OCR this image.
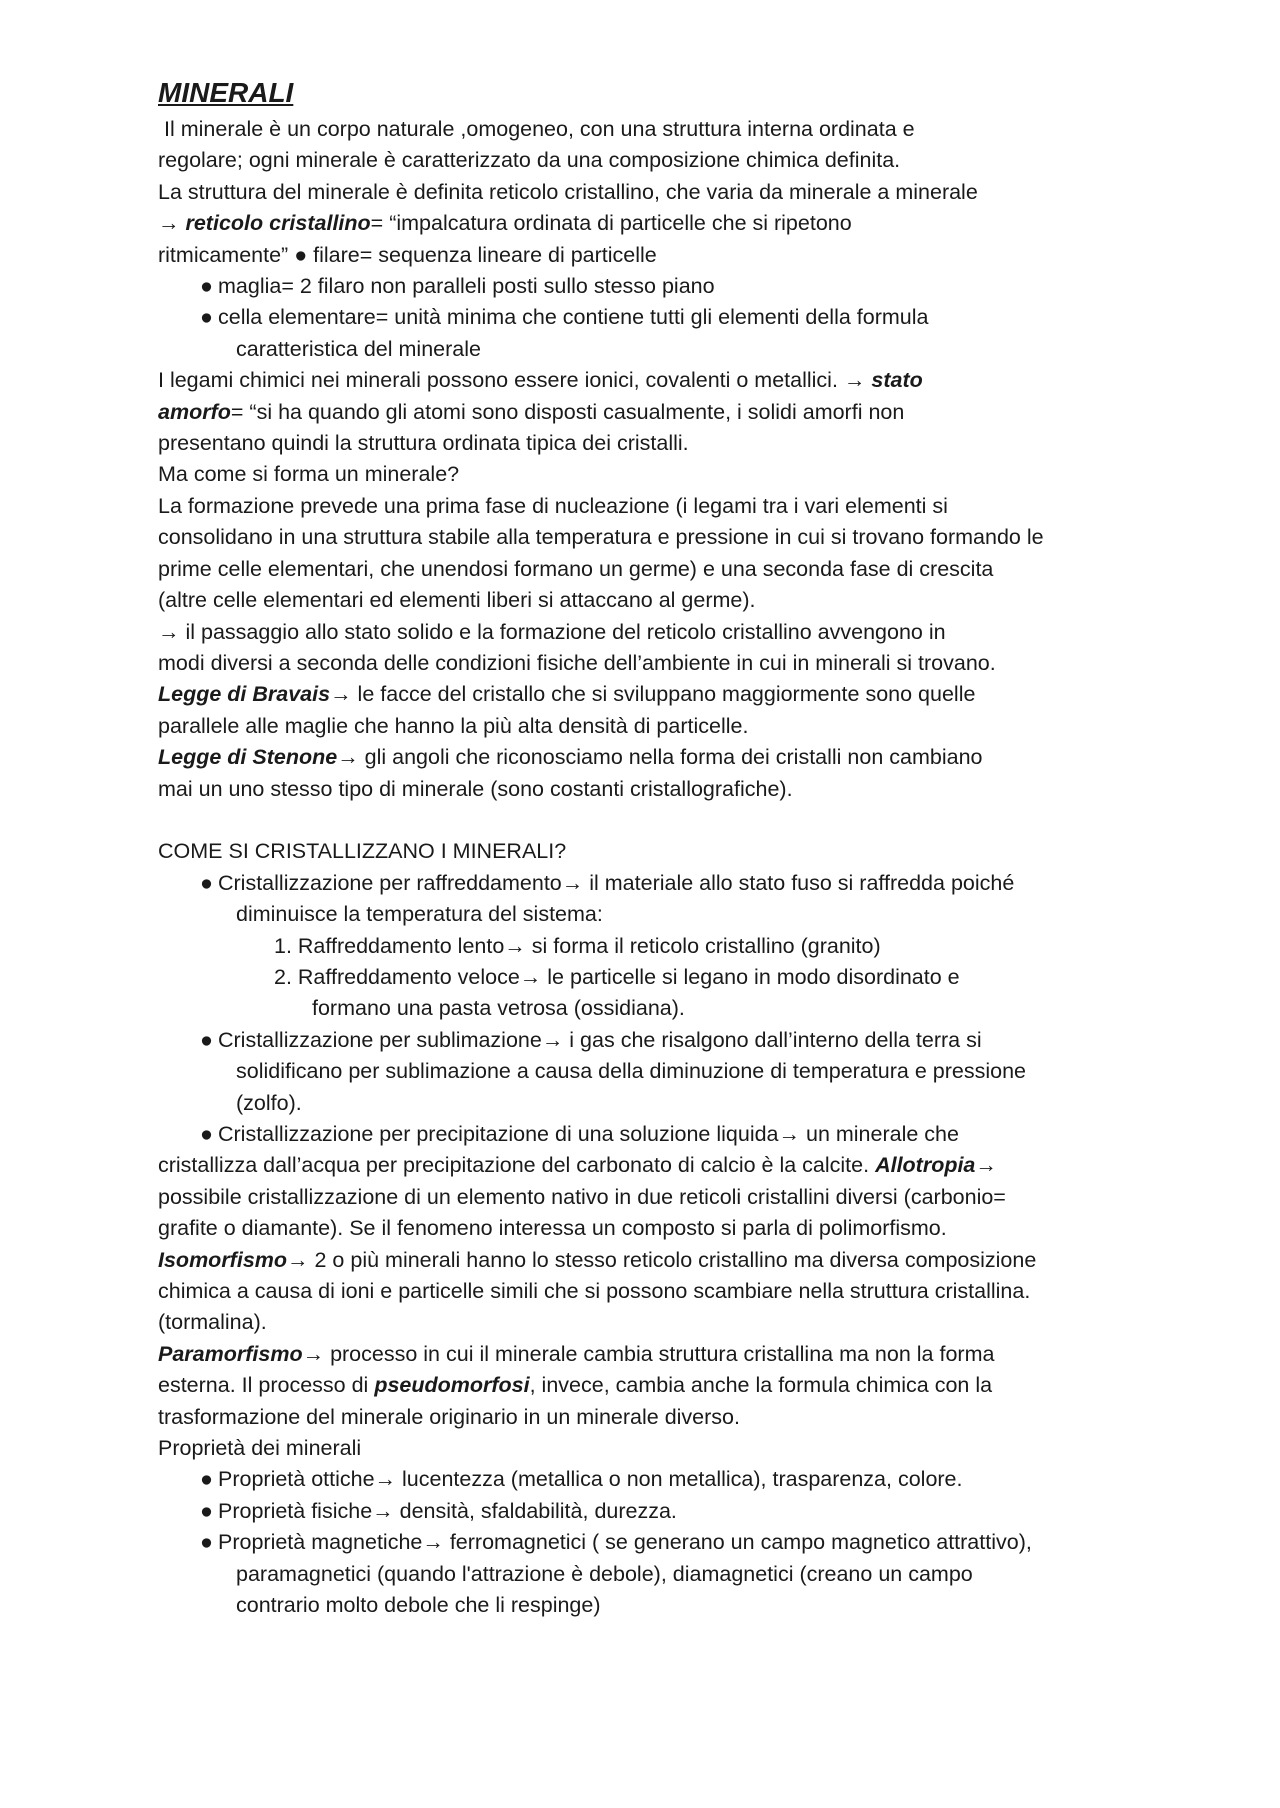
MINERALI

Il minerale è un corpo naturale ,omogeneo, con una struttura interna ordinata e

regolare; ogni minerale è caratterizzato da una composizione chimica definita.

La struttura del minerale è definita reticolo cristallino, che varia da minerale a minerale

→ reticolo cristallino= “impalcatura ordinata di particelle che si ripetono

ritmicamente” ● filare= sequenza lineare di particelle

● maglia= 2 filaro non paralleli posti sullo stesso piano

● cella elementare= unità minima che contiene tutti gli elementi della formula

caratteristica del minerale

I legami chimici nei minerali possono essere ionici, covalenti o metallici. → stato

amorfo= “si ha quando gli atomi sono disposti casualmente, i solidi amorfi non

presentano quindi la struttura ordinata tipica dei cristalli.

Ma come si forma un minerale?

La formazione prevede una prima fase di nucleazione (i legami tra i vari elementi si

consolidano in una struttura stabile alla temperatura e pressione in cui si trovano formando le

prime celle elementari, che unendosi formano un germe) e una seconda fase di crescita

(altre celle elementari ed elementi liberi si attaccano al germe).

→ il passaggio allo stato solido e la formazione del reticolo cristallino avvengono in

modi diversi a seconda delle condizioni fisiche dell’ambiente in cui in minerali si trovano.

Legge di Bravais→ le facce del cristallo che si sviluppano maggiormente sono quelle

parallele alle maglie che hanno la più alta densità di particelle.

Legge di Stenone→ gli angoli che riconosciamo nella forma dei cristalli non cambiano

mai un uno stesso tipo di minerale (sono costanti cristallografiche).

COME SI CRISTALLIZZANO I MINERALI?

● Cristallizzazione per raffreddamento→ il materiale allo stato fuso si raffredda poiché

diminuisce la temperatura del sistema:

1. Raffreddamento lento→ si forma il reticolo cristallino (granito)

2. Raffreddamento veloce→ le particelle si legano in modo disordinato e

formano una pasta vetrosa (ossidiana).

● Cristallizzazione per sublimazione→ i gas che risalgono dall’interno della terra si

solidificano per sublimazione a causa della diminuzione di temperatura e pressione

(zolfo).

● Cristallizzazione per precipitazione di una soluzione liquida→ un minerale che

cristallizza dall’acqua per precipitazione del carbonato di calcio è la calcite. Allotropia→

possibile cristallizzazione di un elemento nativo in due reticoli cristallini diversi (carbonio=

grafite o diamante). Se il fenomeno interessa un composto si parla di polimorfismo.

Isomorfismo→ 2 o più minerali hanno lo stesso reticolo cristallino ma diversa composizione

chimica a causa di ioni e particelle simili che si possono scambiare nella struttura cristallina.

(tormalina).

Paramorfismo→ processo in cui il minerale cambia struttura cristallina ma non la forma

esterna. Il processo di pseudomorfosi, invece, cambia anche la formula chimica con la

trasformazione del minerale originario in un minerale diverso.

Proprietà dei minerali

● Proprietà ottiche→ lucentezza (metallica o non metallica), trasparenza, colore.

● Proprietà fisiche→ densità, sfaldabilità, durezza.

● Proprietà magnetiche→ ferromagnetici ( se generano un campo magnetico attrattivo),

paramagnetici (quando l'attrazione è debole), diamagnetici (creano un campo

contrario molto debole che li respinge)
